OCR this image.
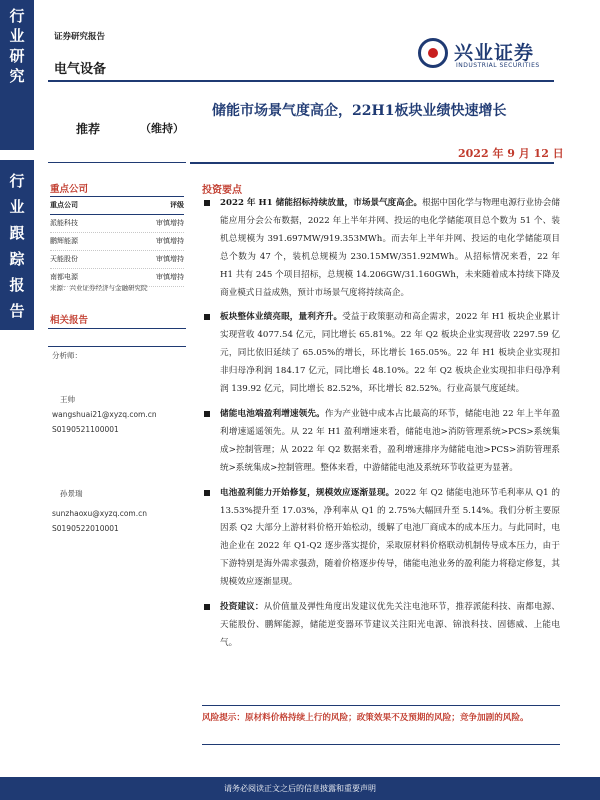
行
业
研
究
行
业
跟
踪
报
告
证券研究报告
电气设备
兴业证券
INDUSTRIAL SECURITIES
储能市场景气度高企，22H1板块业绩快速增长
推荐	（维持）
2022 年 9 月 12 日
重点公司
重点公司	评级
派能科技	审慎增持
鹏辉能源	审慎增持
天能股份	审慎增持
南都电源	审慎增持
来源：兴业证券经济与金融研究院
相关报告
分析师：
王帅
wangshuai21@xyzq.com.cn
S0190521100001
孙景瑞
sunzhaoxu@xyzq.com.cn
S0190522010001
投资要点
2022 年 H1 储能招标持续放量，市场景气度高企。根据中国化学与物理电源行业协会储能应用分会公布数据，2022 年上半年并网、投运的电化学储能项目总个数为 51 个、装机总规模为 391.697MW/919.353MWh。而去年上半年并网、投运的电化学储能项目总个数为 47 个，装机总规模为 230.15MW/351.92MWh。从招标情况来看，22 年 H1 共有 245 个项目招标，总规模 14.206GW/31.160GWh，未来随着成本持续下降及商业模式日益成熟，预计市场景气度将持续高企。
板块整体业绩亮眼，量利齐升。受益于政策驱动和高企需求，2022 年 H1 板块企业累计实现营收 4077.54 亿元，同比增长 65.81%。22 年 Q2 板块企业实现营收 2297.59 亿元，同比依旧延续了 65.05%的增长，环比增长 165.05%。22 年 H1 板块企业实现扣非归母净利润 184.17 亿元，同比增长 48.10%。22 年 Q2 板块企业实现扣非归母净利润 139.92 亿元，同比增长 82.52%，环比增长 82.52%。行业高景气度延续。
储能电池端盈利增速领先。作为产业链中成本占比最高的环节，储能电池 22 年上半年盈利增速遥遥领先。从 22 年 H1 盈利增速来看，储能电池>消防管理系统>PCS>系统集成>控制管理；从 2022 年 Q2 数据来看，盈利增速排序为储能电池>PCS>消防管理系统>系统集成>控制管理。整体来看，中游储能电池及系统环节收益更为显著。
电池盈利能力开始修复，规模效应逐渐显现。2022 年 Q2 储能电池环节毛利率从 Q1 的 13.53%提升至 17.03%，净利率从 Q1 的 2.75%大幅回升至 5.14%。我们分析主要原因系 Q2 大部分上游材料价格开始松动，缓解了电池厂商成本的成本压力。与此同时，电池企业在 2022 年 Q1-Q2 逐步落实提价，采取原材料价格联动机制传导成本压力，由于下游特别是海外需求强劲，随着价格逐步传导，储能电池业务的盈利能力将稳定修复，其规模效应逐渐显现。
投资建议：从价值量及弹性角度出发建议优先关注电池环节，推荐派能科技、南都电源、天能股份、鹏辉能源，储能逆变器环节建议关注阳光电源、锦浪科技、固德威、上能电气。
风险提示：原材料价格持续上行的风险；政策效果不及预期的风险；竞争加剧的风险。
请务必阅读正文之后的信息披露和重要声明
